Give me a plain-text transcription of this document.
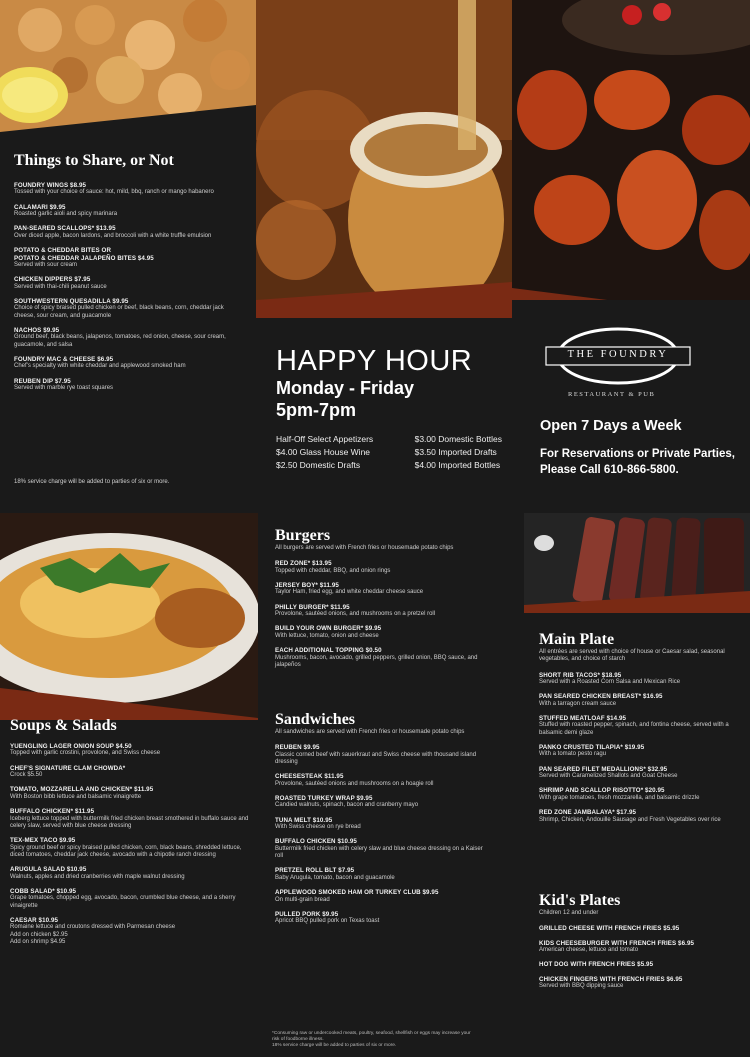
Things to Share, or Not
FOUNDRY WINGS $8.95
Tossed with your choice of sauce: hot, mild, bbq, ranch or mango habanero
CALAMARI $9.95
Roasted garlic aioli and spicy marinara
PAN-SEARED SCALLOPS* $13.95
Over diced apple, bacon lardons, and broccoli with a white truffle emulsion
POTATO & CHEDDAR BITES OR
POTATO & CHEDDAR JALAPEÑO BITES $4.95
Served with sour cream
CHICKEN DIPPERS $7.95
Served with thai-chili peanut sauce
SOUTHWESTERN QUESADILLA $9.95
Choice of spicy braised pulled chicken or beef, black beans, corn, cheddar jack cheese, sour cream, and guacamole
NACHOS $9.95
Ground beef, black beans, jalapenos, tomatoes, red onion, cheese, sour cream, guacamole, and salsa
FOUNDRY MAC & CHEESE $6.95
Chef's specialty with white cheddar and applewood smoked ham
REUBEN DIP $7.95
Served with marble rye toast squares
18% service charge will be added to parties of six or more.
HAPPY HOUR
Monday - Friday
5pm-7pm
Half-Off Select Appetizers
$4.00 Glass House Wine
$2.50 Domestic Drafts
$3.00 Domestic Bottles
$3.50 Imported Drafts
$4.00 Imported Bottles
THE FOUNDRY
RESTAURANT & PUB
Open 7 Days a Week
For Reservations or Private Parties, Please Call 610-866-5800.
Soups & Salads
YUENGLING LAGER ONION SOUP $4.50
Topped with garlic crostini, provolone, and Swiss cheese
CHEF'S SIGNATURE CLAM CHOWDA*
Crock $5.50
TOMATO, MOZZARELLA AND CHICKEN* $11.95
With Boston bibb lettuce and balsamic vinaigrette
BUFFALO CHICKEN* $11.95
Iceberg lettuce topped with buttermilk fried chicken breast smothered in buffalo sauce and celery slaw, served with blue cheese dressing
TEX-MEX TACO $9.95
Spicy ground beef or spicy braised pulled chicken, corn, black beans, shredded lettuce, diced tomatoes, cheddar jack cheese, avocado with a chipotle ranch dressing
ARUGULA SALAD $10.95
Walnuts, apples and dried cranberries with maple walnut dressing
COBB SALAD* $10.95
Grape tomatoes, chopped egg, avocado, bacon, crumbled blue cheese, and a sherry vinaigrette
CAESAR $10.95
Romaine lettuce and croutons dressed with Parmesan cheese
Add on chicken $2.95
Add on shrimp $4.95
Burgers
All burgers are served with French fries or housemade potato chips
RED ZONE* $13.95
Topped with cheddar, BBQ, and onion rings
JERSEY BOY* $11.95
Taylor Ham, fried egg, and white cheddar cheese sauce
PHILLY BURGER* $11.95
Provolone, sautéed onions, and mushrooms on a pretzel roll
BUILD YOUR OWN BURGER* $9.95
With lettuce, tomato, onion and cheese
EACH ADDITIONAL TOPPING $0.50
Mushrooms, bacon, avocado, grilled peppers, grilled onion, BBQ sauce, and jalapeños
Sandwiches
All sandwiches are served with French fries or housemade potato chips
REUBEN $9.95
Classic corned beef with sauerkraut and Swiss cheese with thousand island dressing
CHEESESTEAK $11.95
Provolone, sautéed onions and mushrooms on a hoagie roll
ROASTED TURKEY WRAP $9.95
Candied walnuts, spinach, bacon and cranberry mayo
TUNA MELT $10.95
With Swiss cheese on rye bread
BUFFALO CHICKEN $10.95
Buttermilk fried chicken with celery slaw and blue cheese dressing on a Kaiser roll
PRETZEL ROLL BLT $7.95
Baby Arugula, tomato, bacon and guacamole
APPLEWOOD SMOKED HAM OR TURKEY CLUB $9.95
On multi-grain bread
PULLED PORK $9.95
Apricot BBQ pulled pork on Texas toast
*Consuming raw or undercooked meats, poultry, seafood, shellfish or eggs may increase your risk of foodborne illness.
18% service charge will be added to parties of six or more.
Main Plate
All entrées are served with choice of house or Caesar salad, seasonal vegetables, and choice of starch
SHORT RIB TACOS* $18.95
Served with a Roasted Corn Salsa and Mexican Rice
PAN SEARED CHICKEN BREAST* $16.95
With a tarragon cream sauce
STUFFED MEATLOAF $14.95
Stuffed with roasted pepper, spinach, and fontina cheese, served with a balsamic demi glaze
PANKO CRUSTED TILAPIA* $19.95
With a tomato pesto ragu
PAN SEARED FILET MEDALLIONS* $32.95
Served with Caramelized Shallots and Goat Cheese
SHRIMP AND SCALLOP RISOTTO* $20.95
With grape tomatoes, fresh mozzarella, and balsamic drizzle
RED ZONE JAMBALAYA* $17.95
Shrimp, Chicken, Andouille Sausage and Fresh Vegetables over rice
Kid's Plates
Children 12 and under
GRILLED CHEESE WITH FRENCH FRIES $5.95
KIDS CHEESEBURGER WITH FRENCH FRIES $6.95
American cheese, lettuce and tomato
HOT DOG WITH FRENCH FRIES $5.95
CHICKEN FINGERS WITH FRENCH FRIES $6.95
Served with BBQ dipping sauce
